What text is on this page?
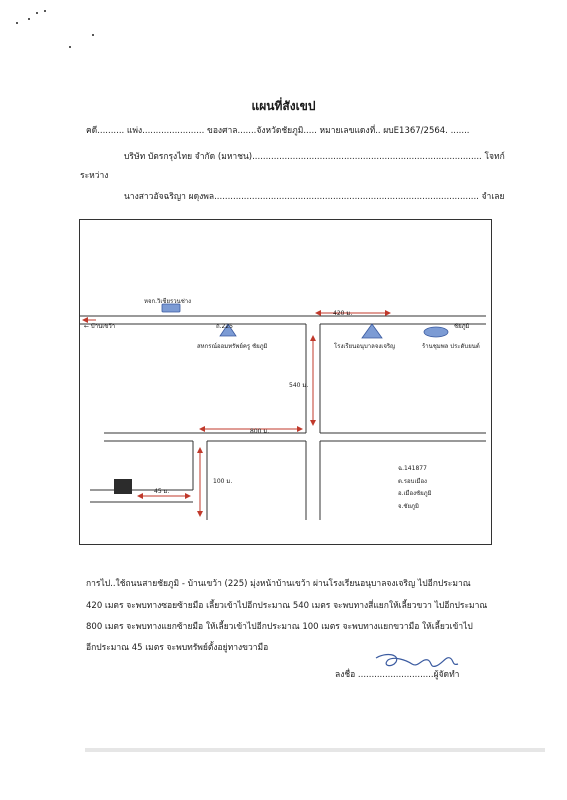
แผนที่สังเขป
คดี.......... แพ่ง....................... ของศาล.......จังหวัดชัยภูมิ..... หมายเลขแดงที่.. ผบE1367/2564. .......
บริษัท บัตรกรุงไทย จำกัด (มหาชน)..................................................................................... โจทก์
ระหว่าง
นางสาวอัจฉริญา ผดุงพล.................................................................................................. จำเลย
หจก.วิเชียรวนช่าง
← บ้านเขว้า	ชัยภูมิ
ถ.225
420 ม.
สหกรณ์ออมทรัพย์ครู ชัยภูมิ	โรงเรียนอนุบาลจงเจริญ	ร้านชุมพล ประดับยนต์
540 ม.
800 ม.
100 ม.
45 ม.
ฉ.141877
ต.รอบเมือง
อ.เมืองชัยภูมิ
จ.ชัยภูมิ
การไป..ใช้ถนนสายชัยภูมิ - บ้านเขว้า (225) มุ่งหน้าบ้านเขว้า ผ่านโรงเรียนอนุบาลจงเจริญ ไปอีกประมาณ
420 เมตร จะพบทางซอยซ้ายมือ เลี้ยวเข้าไปอีกประมาณ 540 เมตร จะพบทางสี่แยกให้เลี้ยวขวา ไปอีกประมาณ
800 เมตร จะพบทางแยกซ้ายมือ ให้เลี้ยวเข้าไปอีกประมาณ 100 เมตร จะพบทางแยกขวามือ ให้เลี้ยวเข้าไป
อีกประมาณ 45 เมตร จะพบทรัพย์ตั้งอยู่ทางขวามือ
ลงชื่อ ............................ผู้จัดทำ
